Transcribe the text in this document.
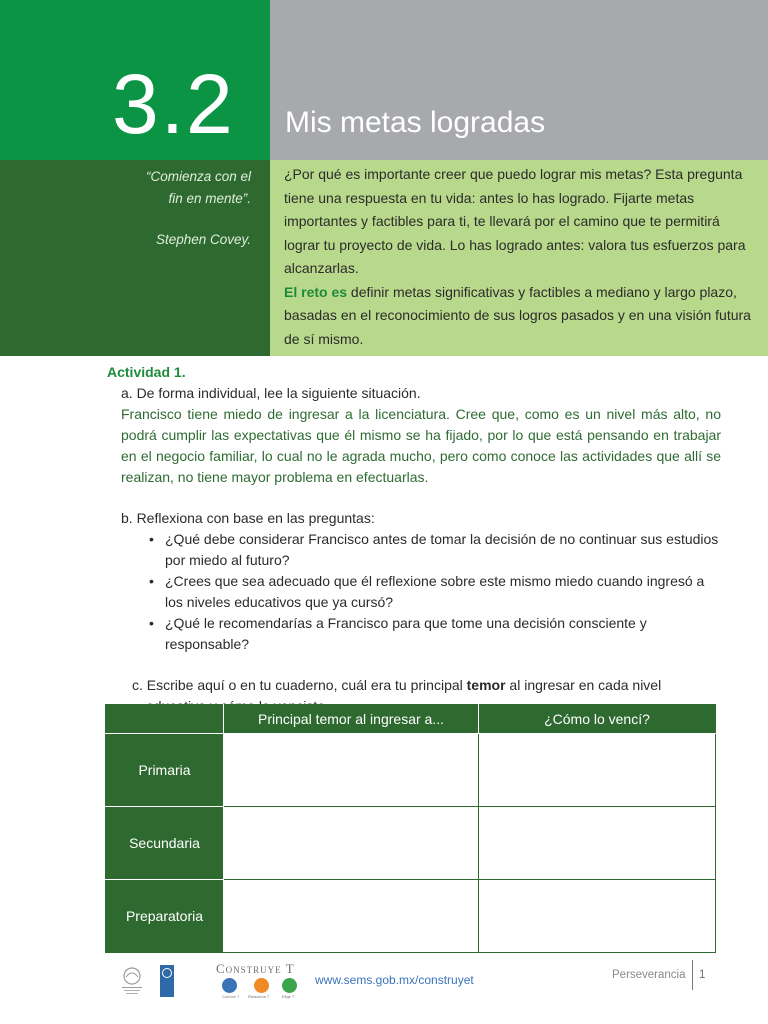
3.2 Mis metas logradas
“Comienza con el
fin en mente”.
Stephen Covey.

¿Por qué es importante creer que puedo lograr mis metas? Esta pregunta tiene una respuesta en tu vida: antes lo has logrado. Fijarte metas importantes y factibles para ti, te llevará por el camino que te permitirá lograr tu proyecto de vida. Lo has logrado antes: valora tus esfuerzos para alcanzarlas.

El reto es definir metas significativas y factibles a mediano y largo plazo, basadas en el reconocimiento de sus logros pasados y en una visión futura de sí mismo.

Actividad 1.
a. De forma individual, lee la siguiente situación.
Francisco tiene miedo de ingresar a la licenciatura. Cree que, como es un nivel más alto, no podrá cumplir las expectativas que él mismo se ha fijado, por lo que está pensando en trabajar en el negocio familiar, lo cual no le agrada mucho, pero como conoce las actividades que allí se realizan, no tiene mayor problema en efectuarlas.
b. Reflexiona con base en las preguntas:
• ¿Qué debe considerar Francisco antes de tomar la decisión de no continuar sus estudios por miedo al futuro?
• ¿Crees que sea adecuado que él reflexione sobre este mismo miedo cuando ingresó a los niveles educativos que ya cursó?
• ¿Qué le recomendarías a Francisco para que tome una decisión consciente y responsable?
c. Escribe aquí o en tu cuaderno, cuál era tu principal temor al ingresar en cada nivel
	Principal temor al ingresar a...	¿Cómo lo vencí?
Primaria		
Secundaria		
Preparatoria		
Construye T
Conoce T Relaciona T	Elige T
www.sems.gob.mx/construyet	Perseverancia 1
